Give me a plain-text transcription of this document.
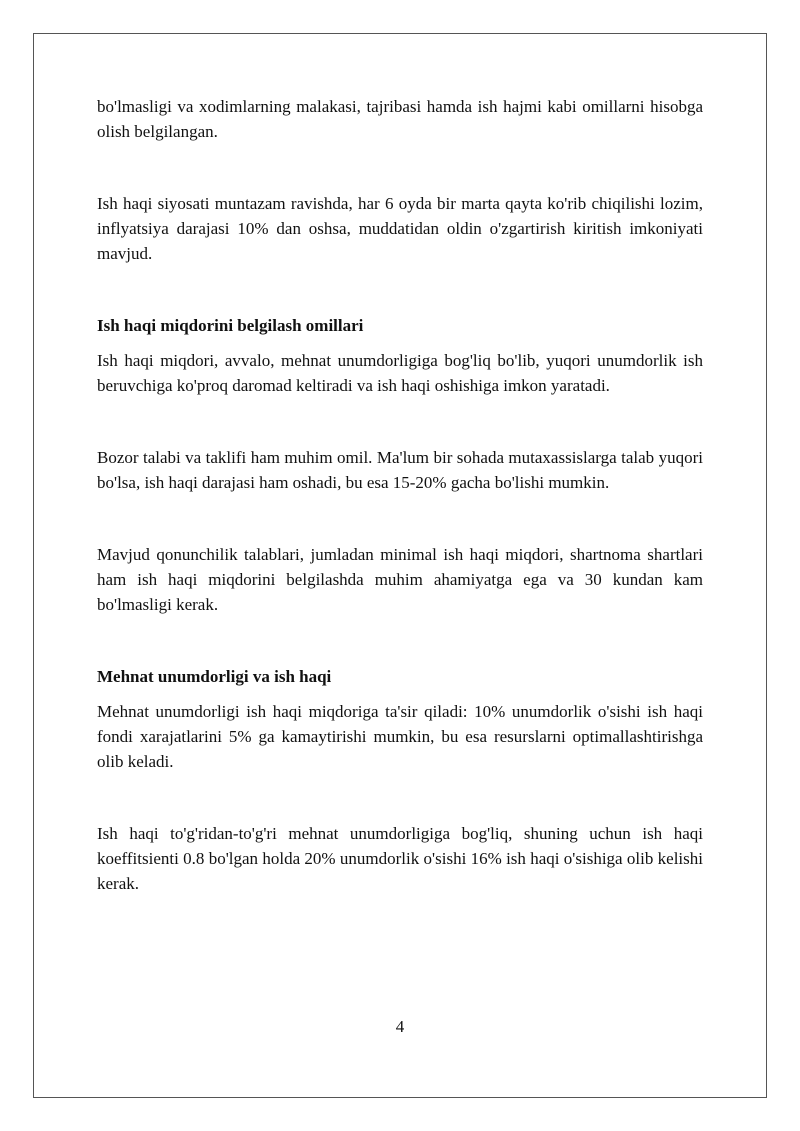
bo'lmasligi va xodimlarning malakasi, tajribasi hamda ish hajmi kabi omillarni hisobga olish belgilangan.

Ish haqi siyosati muntazam ravishda, har 6 oyda bir marta qayta ko'rib chiqilishi lozim, inflyatsiya darajasi 10% dan oshsa, muddatidan oldin o'zgartirish kiritish imkoniyati mavjud.

Ish haqi miqdorini belgilash omillari

Ish haqi miqdori, avvalo, mehnat unumdorligiga bog'liq bo'lib, yuqori unumdorlik ish beruvchiga ko'proq daromad keltiradi va ish haqi oshishiga imkon yaratadi.

Bozor talabi va taklifi ham muhim omil. Ma'lum bir sohada mutaxassislarga talab yuqori bo'lsa, ish haqi darajasi ham oshadi, bu esa 15-20% gacha bo'lishi mumkin.

Mavjud qonunchilik talablari, jumladan minimal ish haqi miqdori, shartnoma shartlari ham ish haqi miqdorini belgilashda muhim ahamiyatga ega va 30 kundan kam bo'lmasligi kerak.

Mehnat unumdorligi va ish haqi

Mehnat unumdorligi ish haqi miqdoriga ta'sir qiladi: 10% unumdorlik o'sishi ish haqi fondi xarajatlarini 5% ga kamaytirishi mumkin, bu esa resurslarni optimallashtirishga olib keladi.

Ish haqi to'g'ridan-to'g'ri mehnat unumdorligiga bog'liq, shuning uchun ish haqi koeffitsienti 0.8 bo'lgan holda 20% unumdorlik o'sishi 16% ish haqi o'sishiga olib kelishi kerak.

4
